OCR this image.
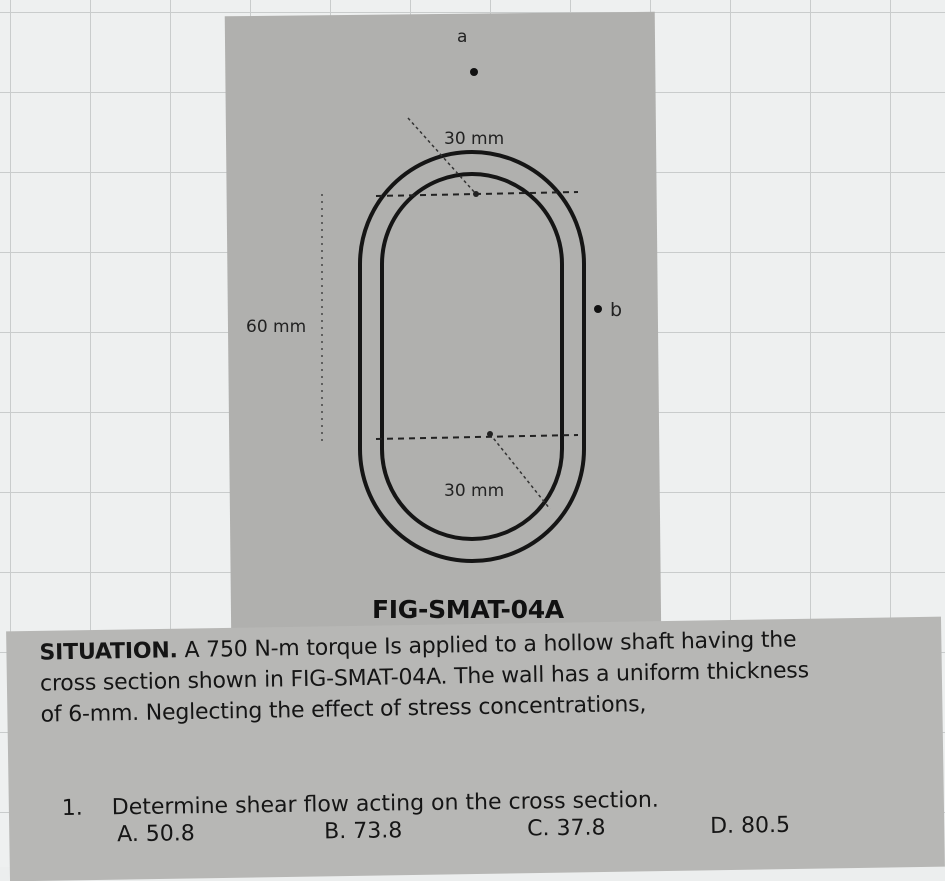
a
b
30 mm
30 mm
60 mm
FIG-SMAT-04A
SITUATION. A 750 N-m torque Is applied to a hollow shaft having the
cross section shown in FIG-SMAT-04A. The wall has a uniform thickness
of 6-mm. Neglecting the effect of stress concentrations,
1. Determine shear flow acting on the cross section.
A. 50.8	B. 73.8	C. 37.8	D. 80.5
